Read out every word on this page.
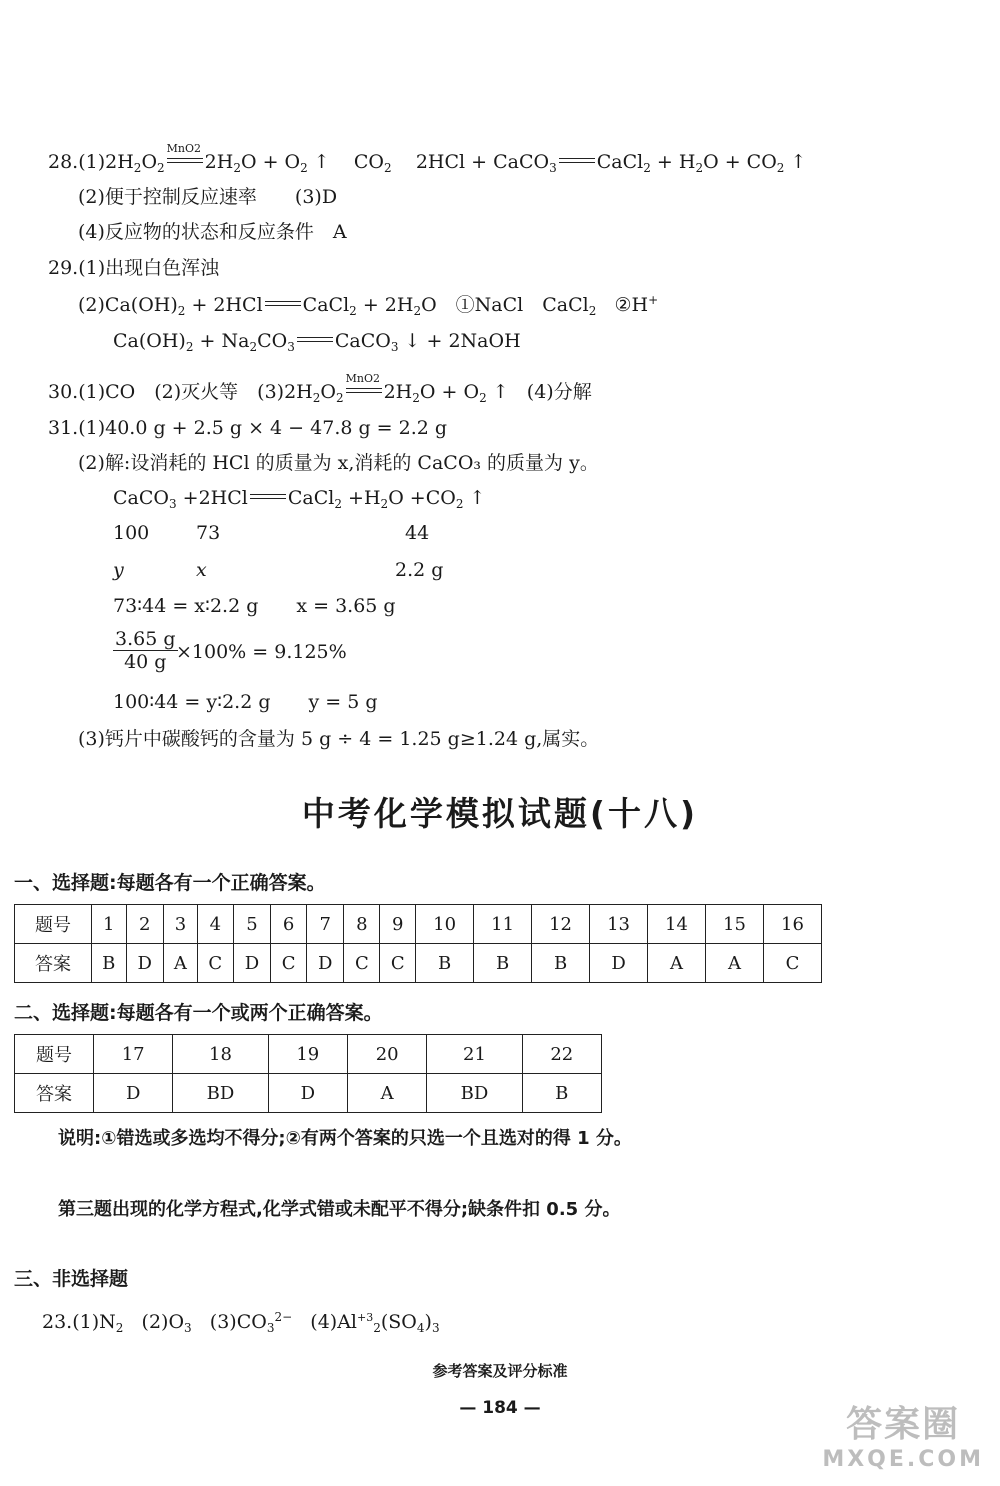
$28.(1)2H_2O_2$
MnO2
$2H_2O + O_2$ ↑    $CO_2$ 2HCl + CaCO$_3$ CaCl$_2$ + $H_2O + CO_2$ ↑
(2)便于控制反应速率　　(3)D
(4)反应物的状态和反应条件　A
29.(1)出现白色浑浊
$(2)Ca(OH)_2 + 2HCl$ CaCl$_2$ + $2H_2O$　①NaCl　CaCl$_2$ ②H+
$Ca(OH)_2 + Na_2CO_3$ CaCO$_3$ ↓ + 2NaOH
30.(1)CO　(2)灭火等　$(3)2H_2O_2$
MnO2
$2H_2O + O_2$ ↑   (4)分解
31.(1)40.0 g + 2.5 g × 4 − 47.8 g = 2.2 g
(2)解:设消耗的 HCl 的质量为 x,消耗的 CaCO₃ 的质量为 y。
CaCO$_3$ +2HCl CaCl$_2$ $+H_2O +CO_2$ ↑
100 73	44
y	x	2.2 g
73∶44 = x∶2.2 g　　x = 3.65 g
$\frac{3.65 g}{40 g}$
×100% = 9.125%
100∶44 = y∶2.2 g　　y = 5 g
(3)钙片中碳酸钙的含量为 5 g ÷ 4 = 1.25 g≥1.24 g,属实。
中考化学模拟试题(十八)
一、选择题:每题各有一个正确答案。
题号	1	2	3	4	5	6	7	8	9	10	11	12	13	14	15	16
答案	B	D	A	C	D	C	D	C	C	B	B	B	D	A	A	C
二、选择题:每题各有一个或两个正确答案。
题号	17	18	19	20	21	22
答案	D	BD	D	A	BD	B
说明:①错选或多选均不得分;②有两个答案的只选一个且选对的得 1 分。
第三题出现的化学方程式,化学式错或未配平不得分;缺条件扣 0.5 分。
三、非选择题
$23.(1)N_2$ $(2)O_3$ $(3)CO_3^{2-}$ $(4)Al^{+3}_2(SO_4)_3$
参考答案及评分标准
— 184 —	答案圈
MXQE.COM
